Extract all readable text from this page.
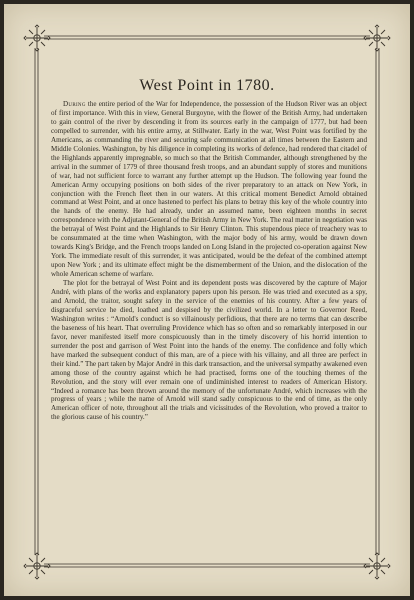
West Point in 1780.

During the entire period of the War for Independence, the possession of the Hudson River was an object of first importance. With this in view, General Burgoyne, with the flower of the British Army, had undertaken to gain control of the river by descending it from its sources early in the campaign of 1777, but had been compelled to surrender, with his entire army, at Stillwater. Early in the war, West Point was fortified by the Americans, as commanding the river and securing safe communication at all times between the Eastern and Middle Colonies. Washington, by his diligence in completing its works of defence, had rendered that citadel of the Highlands apparently impregnable, so much so that the British Commander, although strengthened by the arrival in the summer of 1779 of three thousand fresh troops, and an abundant supply of stores and munitions of war, had not sufficient force to warrant any further attempt up the Hudson. The following year found the American Army occupying positions on both sides of the river preparatory to an attack on New York, in conjunction with the French fleet then in our waters. At this critical moment Benedict Arnold obtained command at West Point, and at once hastened to perfect his plans to betray this key of the whole country into the hands of the enemy. He had already, under an assumed name, been eighteen months in secret correspondence with the Adjutant-General of the British Army in New York. The real matter in negotiation was the betrayal of West Point and the Highlands to Sir Henry Clinton. This stupendous piece of treachery was to be consummated at the time when Washington, with the major body of his army, would be drawn down towards King's Bridge, and the French troops landed on Long Island in the projected co-operation against New York. The immediate result of this surrender, it was anticipated, would be the defeat of the combined attempt upon New York ; and its ultimate effect might be the dismemberment of the Union, and the dislocation of the whole American scheme of warfare.

The plot for the betrayal of West Point and its dependent posts was discovered by the capture of Major André, with plans of the works and explanatory papers upon his person. He was tried and executed as a spy, and Arnold, the traitor, sought safety in the service of the enemies of his country. After a few years of disgraceful service he died, loathed and despised by the civilized world. In a letter to Governor Reed, Washington writes : “Arnold's conduct is so villainously perfidious, that there are no terms that can describe the baseness of his heart. That overruling Providence which has so often and so remarkably interposed in our favor, never manifested itself more conspicuously than in the timely discovery of his horrid intention to surrender the post and garrison of West Point into the hands of the enemy. The confidence and folly which have marked the subsequent conduct of this man, are of a piece with his villainy, and all three are perfect in their kind.” The part taken by Major André in this dark transaction, and the universal sympathy awakened even among those of the country against which he had practised, forms one of the touching themes of the Revolution, and the story will ever remain one of undiminished interest to readers of American History. “Indeed a romance has been thrown around the memory of the unfortunate André, which increases with the progress of years ; while the name of Arnold will stand sadly conspicuous to the end of time, as the only American officer of note, throughout all the trials and vicissitudes of the Revolution, who proved a traitor to the glorious cause of his country.”
